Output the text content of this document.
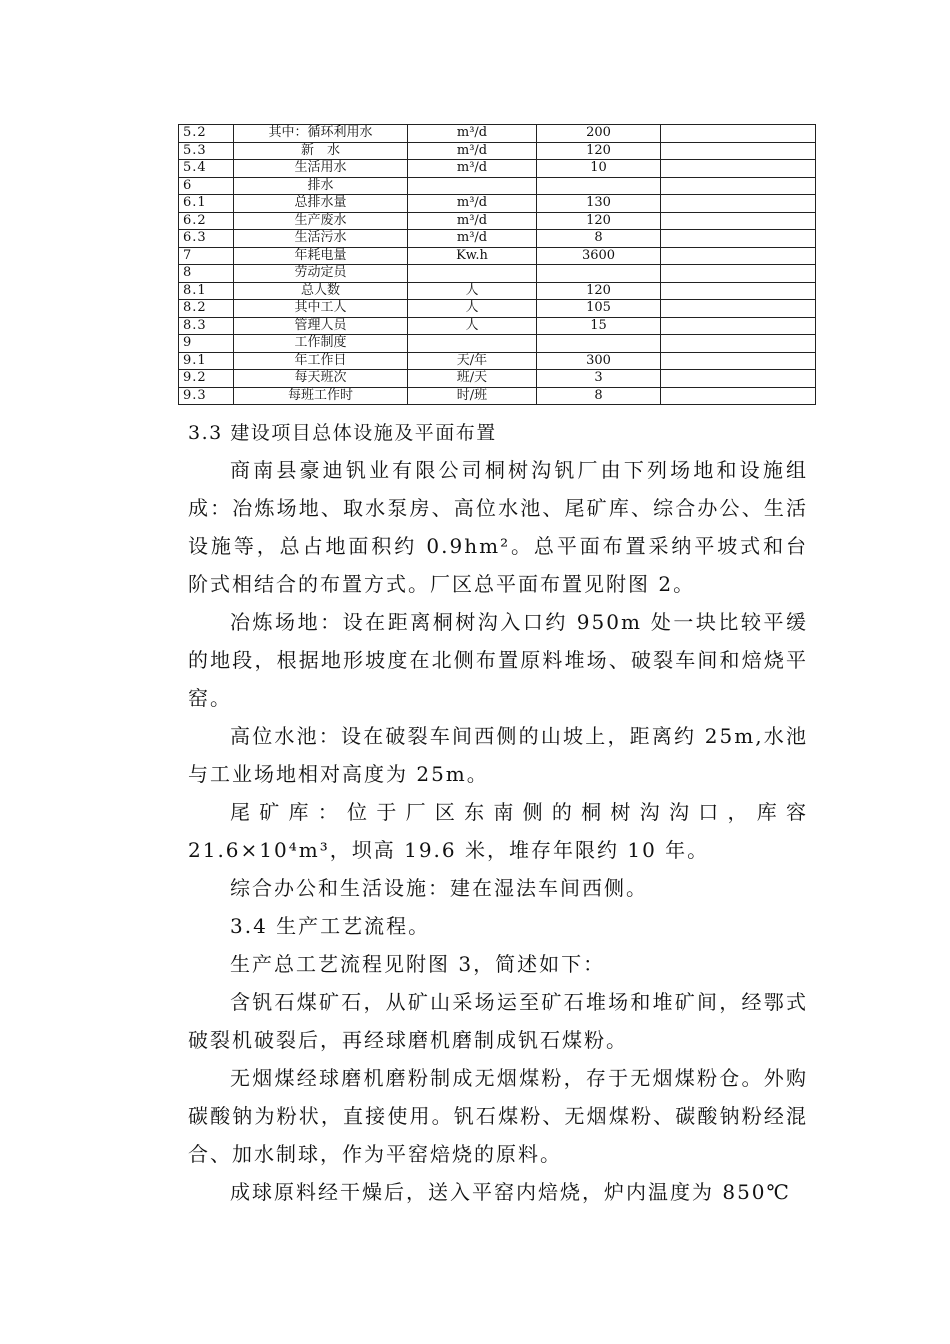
5.2	其中：循环利用水	m³/d	200	
5.3	新　水	m³/d	120	
5.4	生活用水	m³/d	10	
6	排水			
6.1	总排水量	m³/d	130	
6.2	生产废水	m³/d	120	
6.3	生活污水	m³/d	8	
7	年耗电量	Kw.h	3600	
8	劳动定员			
8.1	总人数	人	120	
8.2	其中工人	人	105	
8.3	管理人员	人	15	
9	工作制度			
9.1	年工作日	天/年	300	
9.2	每天班次	班/天	3	
9.3	每班工作时	时/班	8	
3.3 建设项目总体设施及平面布置
商南县豪迪钒业有限公司桐树沟钒厂由下列场地和设施组成：冶炼场地、取水泵房、高位水池、尾矿库、综合办公、生活设施等，总占地面积约 0.9hm²。总平面布置采纳平坡式和台阶式相结合的布置方式。厂区总平面布置见附图 2。
冶炼场地：设在距离桐树沟入口约 950m 处一块比较平缓的地段，根据地形坡度在北侧布置原料堆场、破裂车间和焙烧平窑。
高位水池：设在破裂车间西侧的山坡上，距离约 25m,水池与工业场地相对高度为 25m。
尾矿库：位于厂区东南侧的桐树沟沟口，库容 21.6×10⁴m³，坝高 19.6 米，堆存年限约 10 年。
综合办公和生活设施：建在湿法车间西侧。
3.4 生产工艺流程。
生产总工艺流程见附图 3，简述如下：
含钒石煤矿石，从矿山采场运至矿石堆场和堆矿间，经鄂式破裂机破裂后，再经球磨机磨制成钒石煤粉。
无烟煤经球磨机磨粉制成无烟煤粉，存于无烟煤粉仓。外购碳酸钠为粉状，直接使用。钒石煤粉、无烟煤粉、碳酸钠粉经混合、加水制球，作为平窑焙烧的原料。
成球原料经干燥后，送入平窑内焙烧，炉内温度为 850℃
